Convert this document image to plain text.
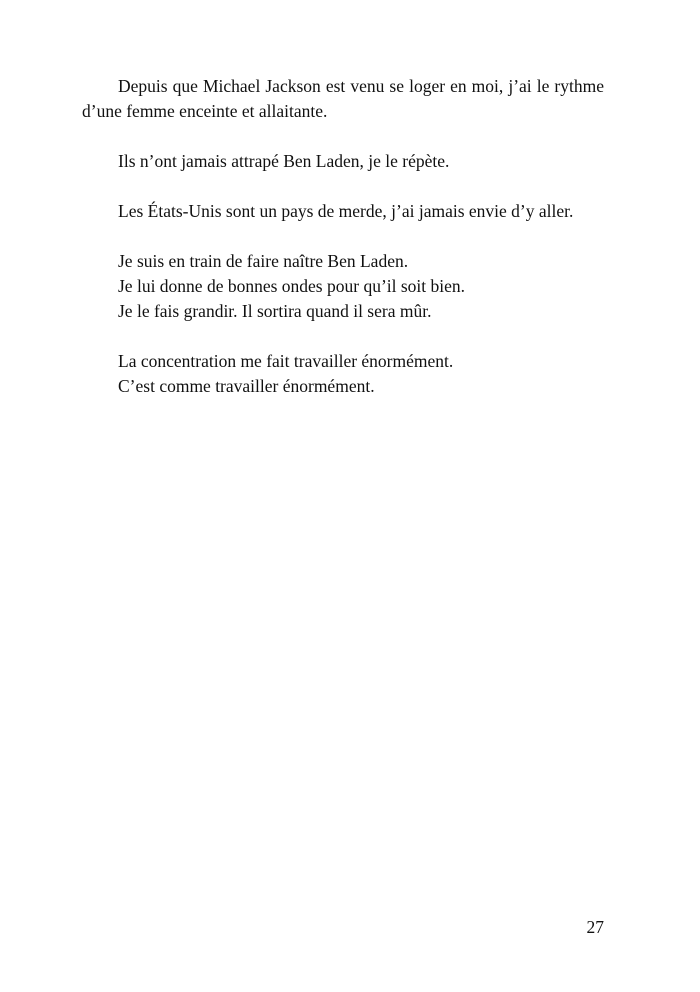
Depuis que Michael Jackson est venu se loger en moi, j’ai le rythme d’une femme enceinte et allaitante.

Ils n’ont jamais attrapé Ben Laden, je le répète.

Les États-Unis sont un pays de merde, j’ai jamais envie d’y aller.

Je suis en train de faire naître Ben Laden.
Je lui donne de bonnes ondes pour qu’il soit bien.
Je le fais grandir. Il sortira quand il sera mûr.
La concentration me fait travailler énormément.
C’est comme travailler énormément.
27
